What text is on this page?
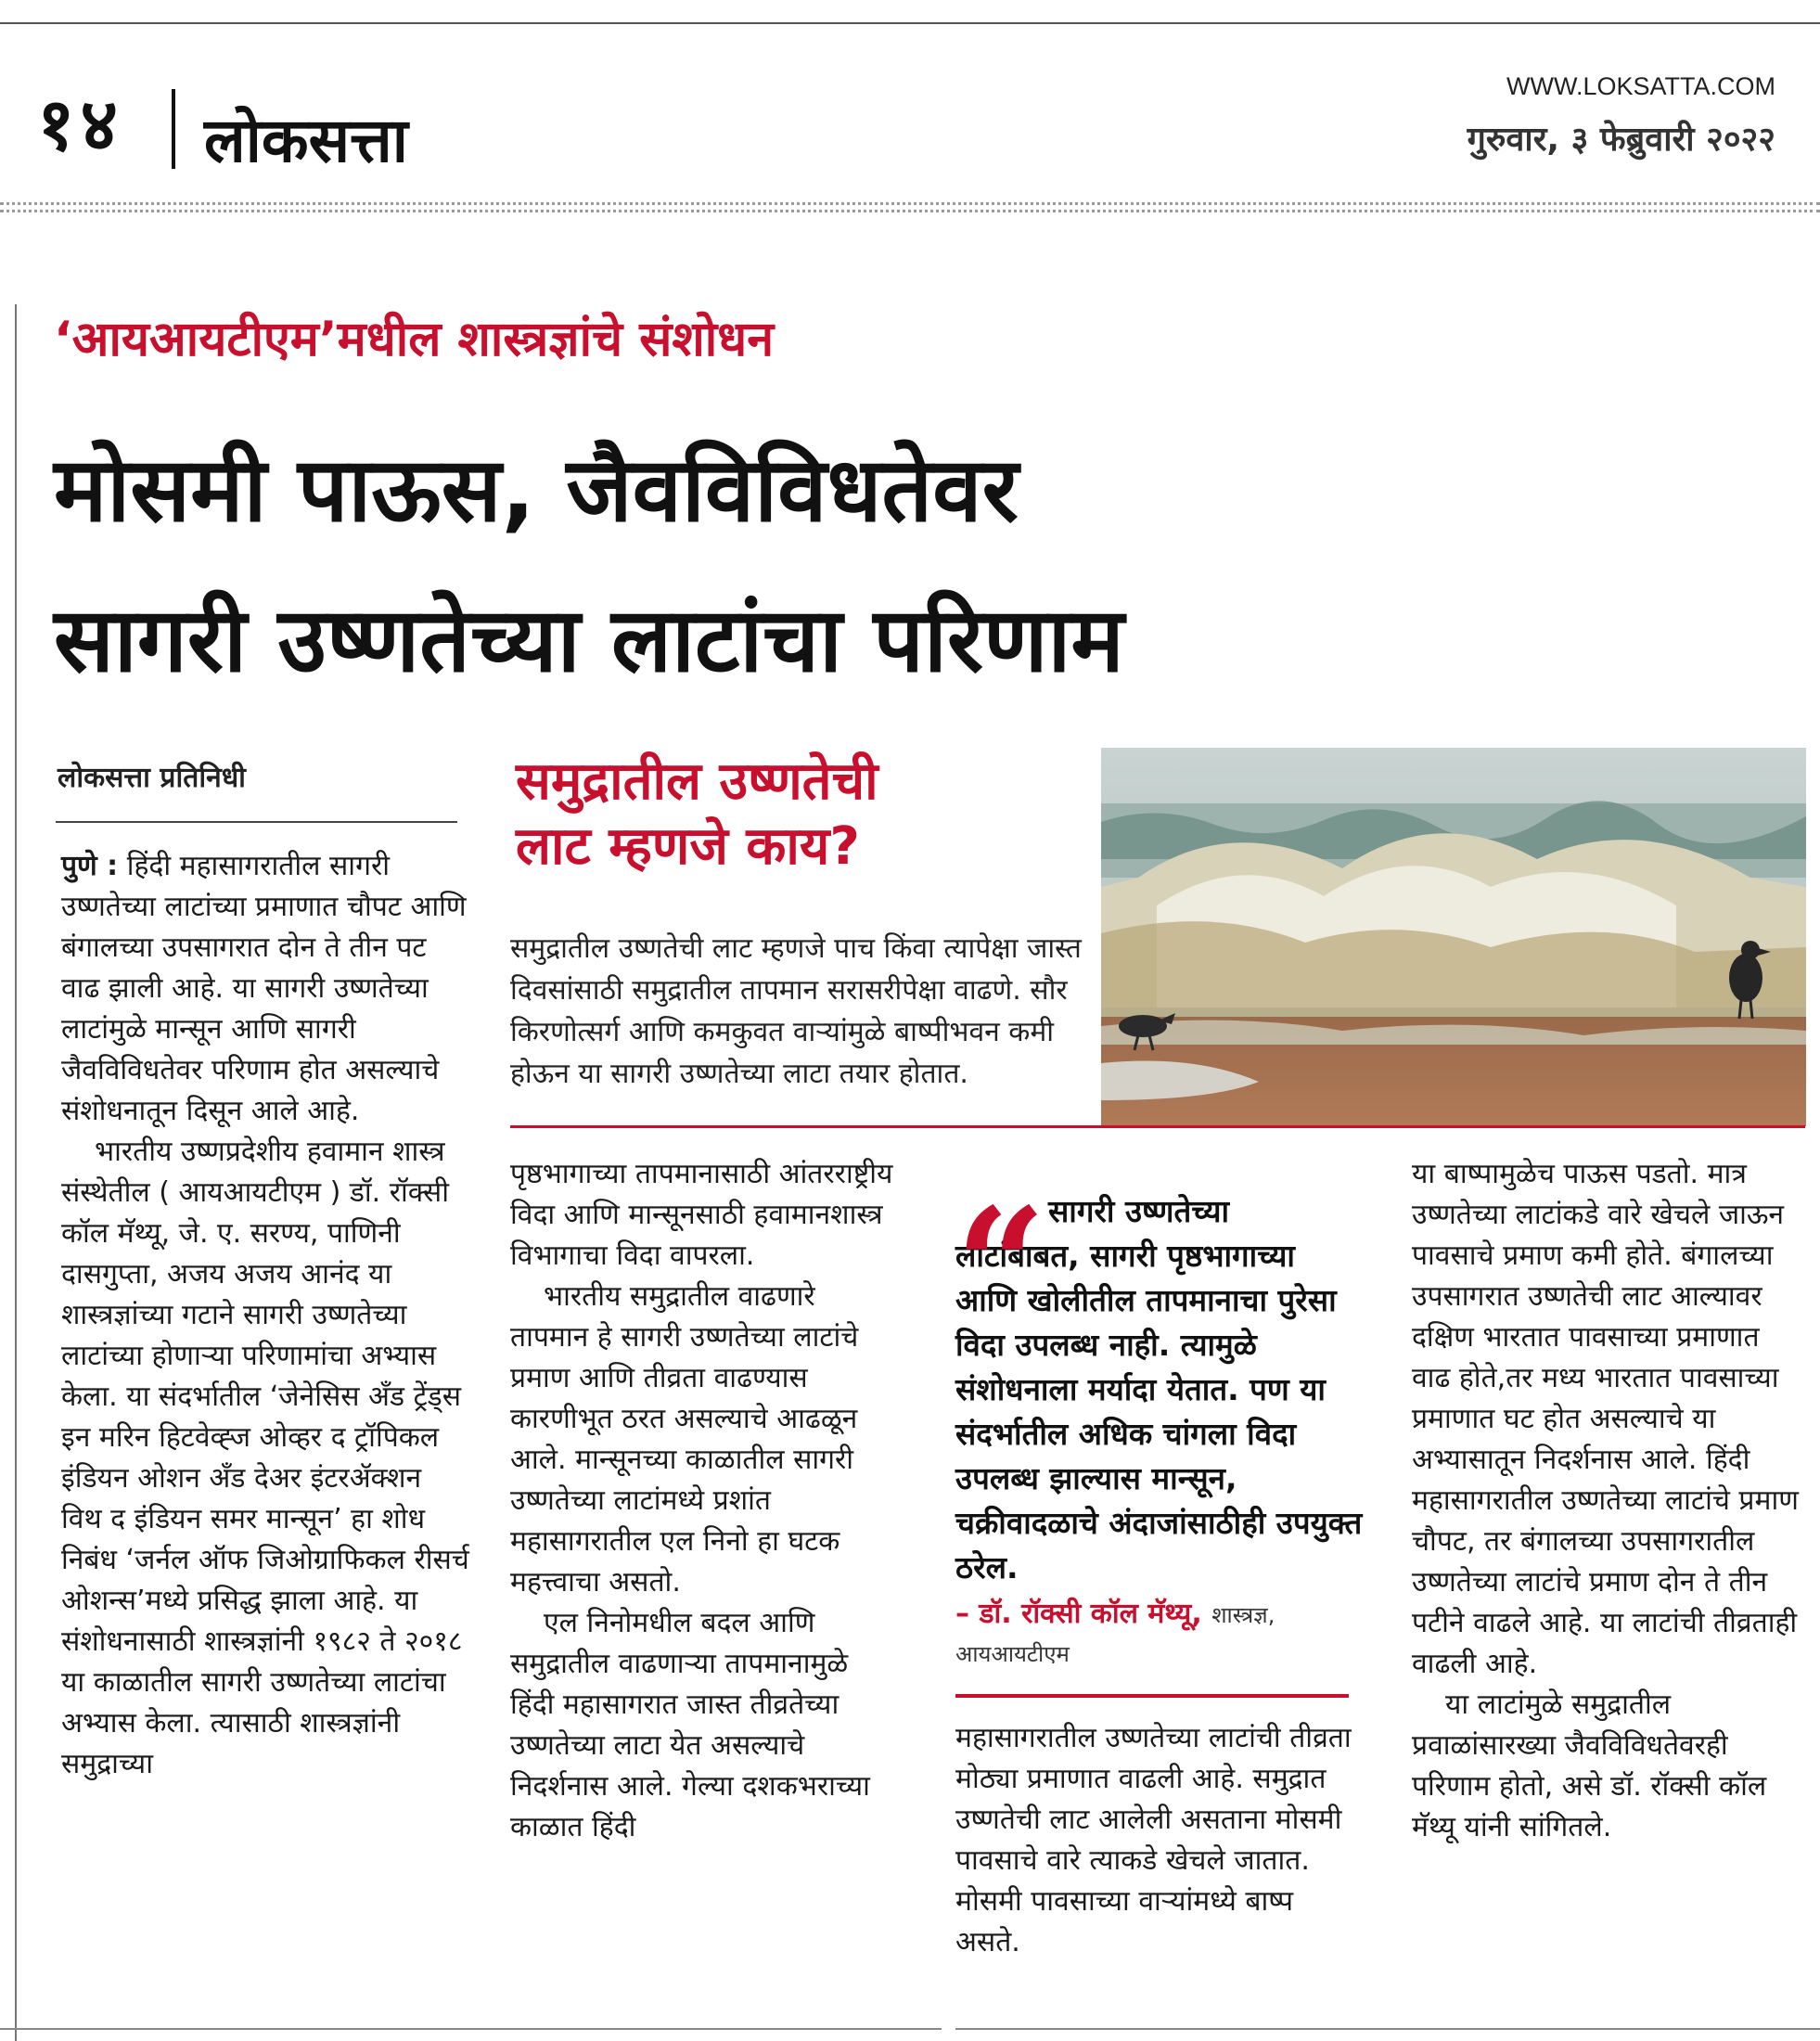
१४ लोकसत्ता
WWW.LOKSATTA.COM
गुरुवार, ३ फेब्रुवारी २०२२
‘आयआयटीएम’मधील शास्त्रज्ञांचे संशोधन
मोसमी पाऊस, जैवविविधतेवर
सागरी उष्णतेच्या लाटांचा परिणाम
लोकसत्ता प्रतिनिधी

पुणे : हिंदी महासागरातील सागरी उष्णतेच्या लाटांच्या प्रमाणात चौपट आणि बंगालच्या उपसागरात दोन ते तीन पट वाढ झाली आहे. या सागरी उष्णतेच्या लाटांमुळे मान्सून आणि सागरी जैवविविधतेवर परिणाम होत असल्याचे संशोधनातून दिसून आले आहे.

भारतीय उष्णप्रदेशीय हवामान शास्त्र संस्थेतील ( आयआयटीएम ) डॉ. रॉक्सी कॉल मॅथ्यू, जे. ए. सरण्य, पाणिनी दासगुप्ता, अजय अजय आनंद या शास्त्रज्ञांच्या गटाने सागरी उष्णतेच्या लाटांच्या होणाऱ्या परिणामांचा अभ्यास केला. या संदर्भातील ‘जेनेसिस अँड ट्रेंड्स इन मरिन हिटवेव्ह्ज ओव्हर द ट्रॉपिकल इंडियन ओशन अँड देअर इंटरॲक्शन विथ द इंडियन समर मान्सून’ हा शोध निबंध ‘जर्नल ऑफ जिओग्राफिकल रीसर्च ओशन्स’मध्ये प्रसिद्ध झाला आहे. या संशोधनासाठी शास्त्रज्ञांनी १९८२ ते २०१८ या काळातील सागरी उष्णतेच्या लाटांचा अभ्यास केला. त्यासाठी शास्त्रज्ञांनी समुद्राच्या

समुद्रातील उष्णतेची लाट म्हणजे काय?
समुद्रातील उष्णतेची लाट म्हणजे पाच किंवा त्यापेक्षा जास्त दिवसांसाठी समुद्रातील तापमान सरासरीपेक्षा वाढणे. सौर किरणोत्सर्ग आणि कमकुवत वाऱ्यांमुळे बाष्पीभवन कमी होऊन या सागरी उष्णतेच्या लाटा तयार होतात.

पृष्ठभागाच्या तापमानासाठी आंतरराष्ट्रीय विदा आणि मान्सूनसाठी हवामानशास्त्र विभागाचा विदा वापरला.

भारतीय समुद्रातील वाढणारे तापमान हे सागरी उष्णतेच्या लाटांचे प्रमाण आणि तीव्रता वाढण्यास कारणीभूत ठरत असल्याचे आढळून आले. मान्सूनच्या काळातील सागरी उष्णतेच्या लाटांमध्ये प्रशांत महासागरातील एल निनो हा घटक महत्त्वाचा असतो.

एल निनोमधील बदल आणि समुद्रातील वाढणाऱ्या तापमानामुळे हिंदी महासागरात जास्त तीव्रतेच्या उष्णतेच्या लाटा येत असल्याचे निदर्शनास आले. गेल्या दशकभराच्या काळात हिंदी

“ सागरी उष्णतेच्या लाटांबाबत, सागरी पृष्ठभागाच्या आणि खोलीतील तापमानाचा पुरेसा विदा उपलब्ध नाही. त्यामुळे संशोधनाला मर्यादा येतात. पण या संदर्भातील अधिक चांगला विदा उपलब्ध झाल्यास मान्सून, चक्रीवादळाचे अंदाजांसाठीही उपयुक्त ठरेल.
– डॉ. रॉक्सी कॉल मॅथ्यू, शास्त्रज्ञ,
आयआयटीएम

महासागरातील उष्णतेच्या लाटांची तीव्रता मोठ्या प्रमाणात वाढली आहे. समुद्रात उष्णतेची लाट आलेली असताना मोसमी पावसाचे वारे त्याकडे खेचले जातात. मोसमी पावसाच्या वाऱ्यांमध्ये बाष्प असते.

या बाष्पामुळेच पाऊस पडतो. मात्र उष्णतेच्या लाटांकडे वारे खेचले जाऊन पावसाचे प्रमाण कमी होते. बंगालच्या उपसागरात उष्णतेची लाट आल्यावर दक्षिण भारतात पावसाच्या प्रमाणात वाढ होते,तर मध्य भारतात पावसाच्या प्रमाणात घट होत असल्याचे या अभ्यासातून निदर्शनास आले. हिंदी महासागरातील उष्णतेच्या लाटांचे प्रमाण चौपट, तर बंगालच्या उपसागरातील उष्णतेच्या लाटांचे प्रमाण दोन ते तीन पटीने वाढले आहे. या लाटांची तीव्रताही वाढली आहे.

या लाटांमुळे समुद्रातील प्रवाळांसारख्या जैवविविधतेवरही परिणाम होतो, असे डॉ. रॉक्सी कॉल मॅथ्यू यांनी सांगितले.
